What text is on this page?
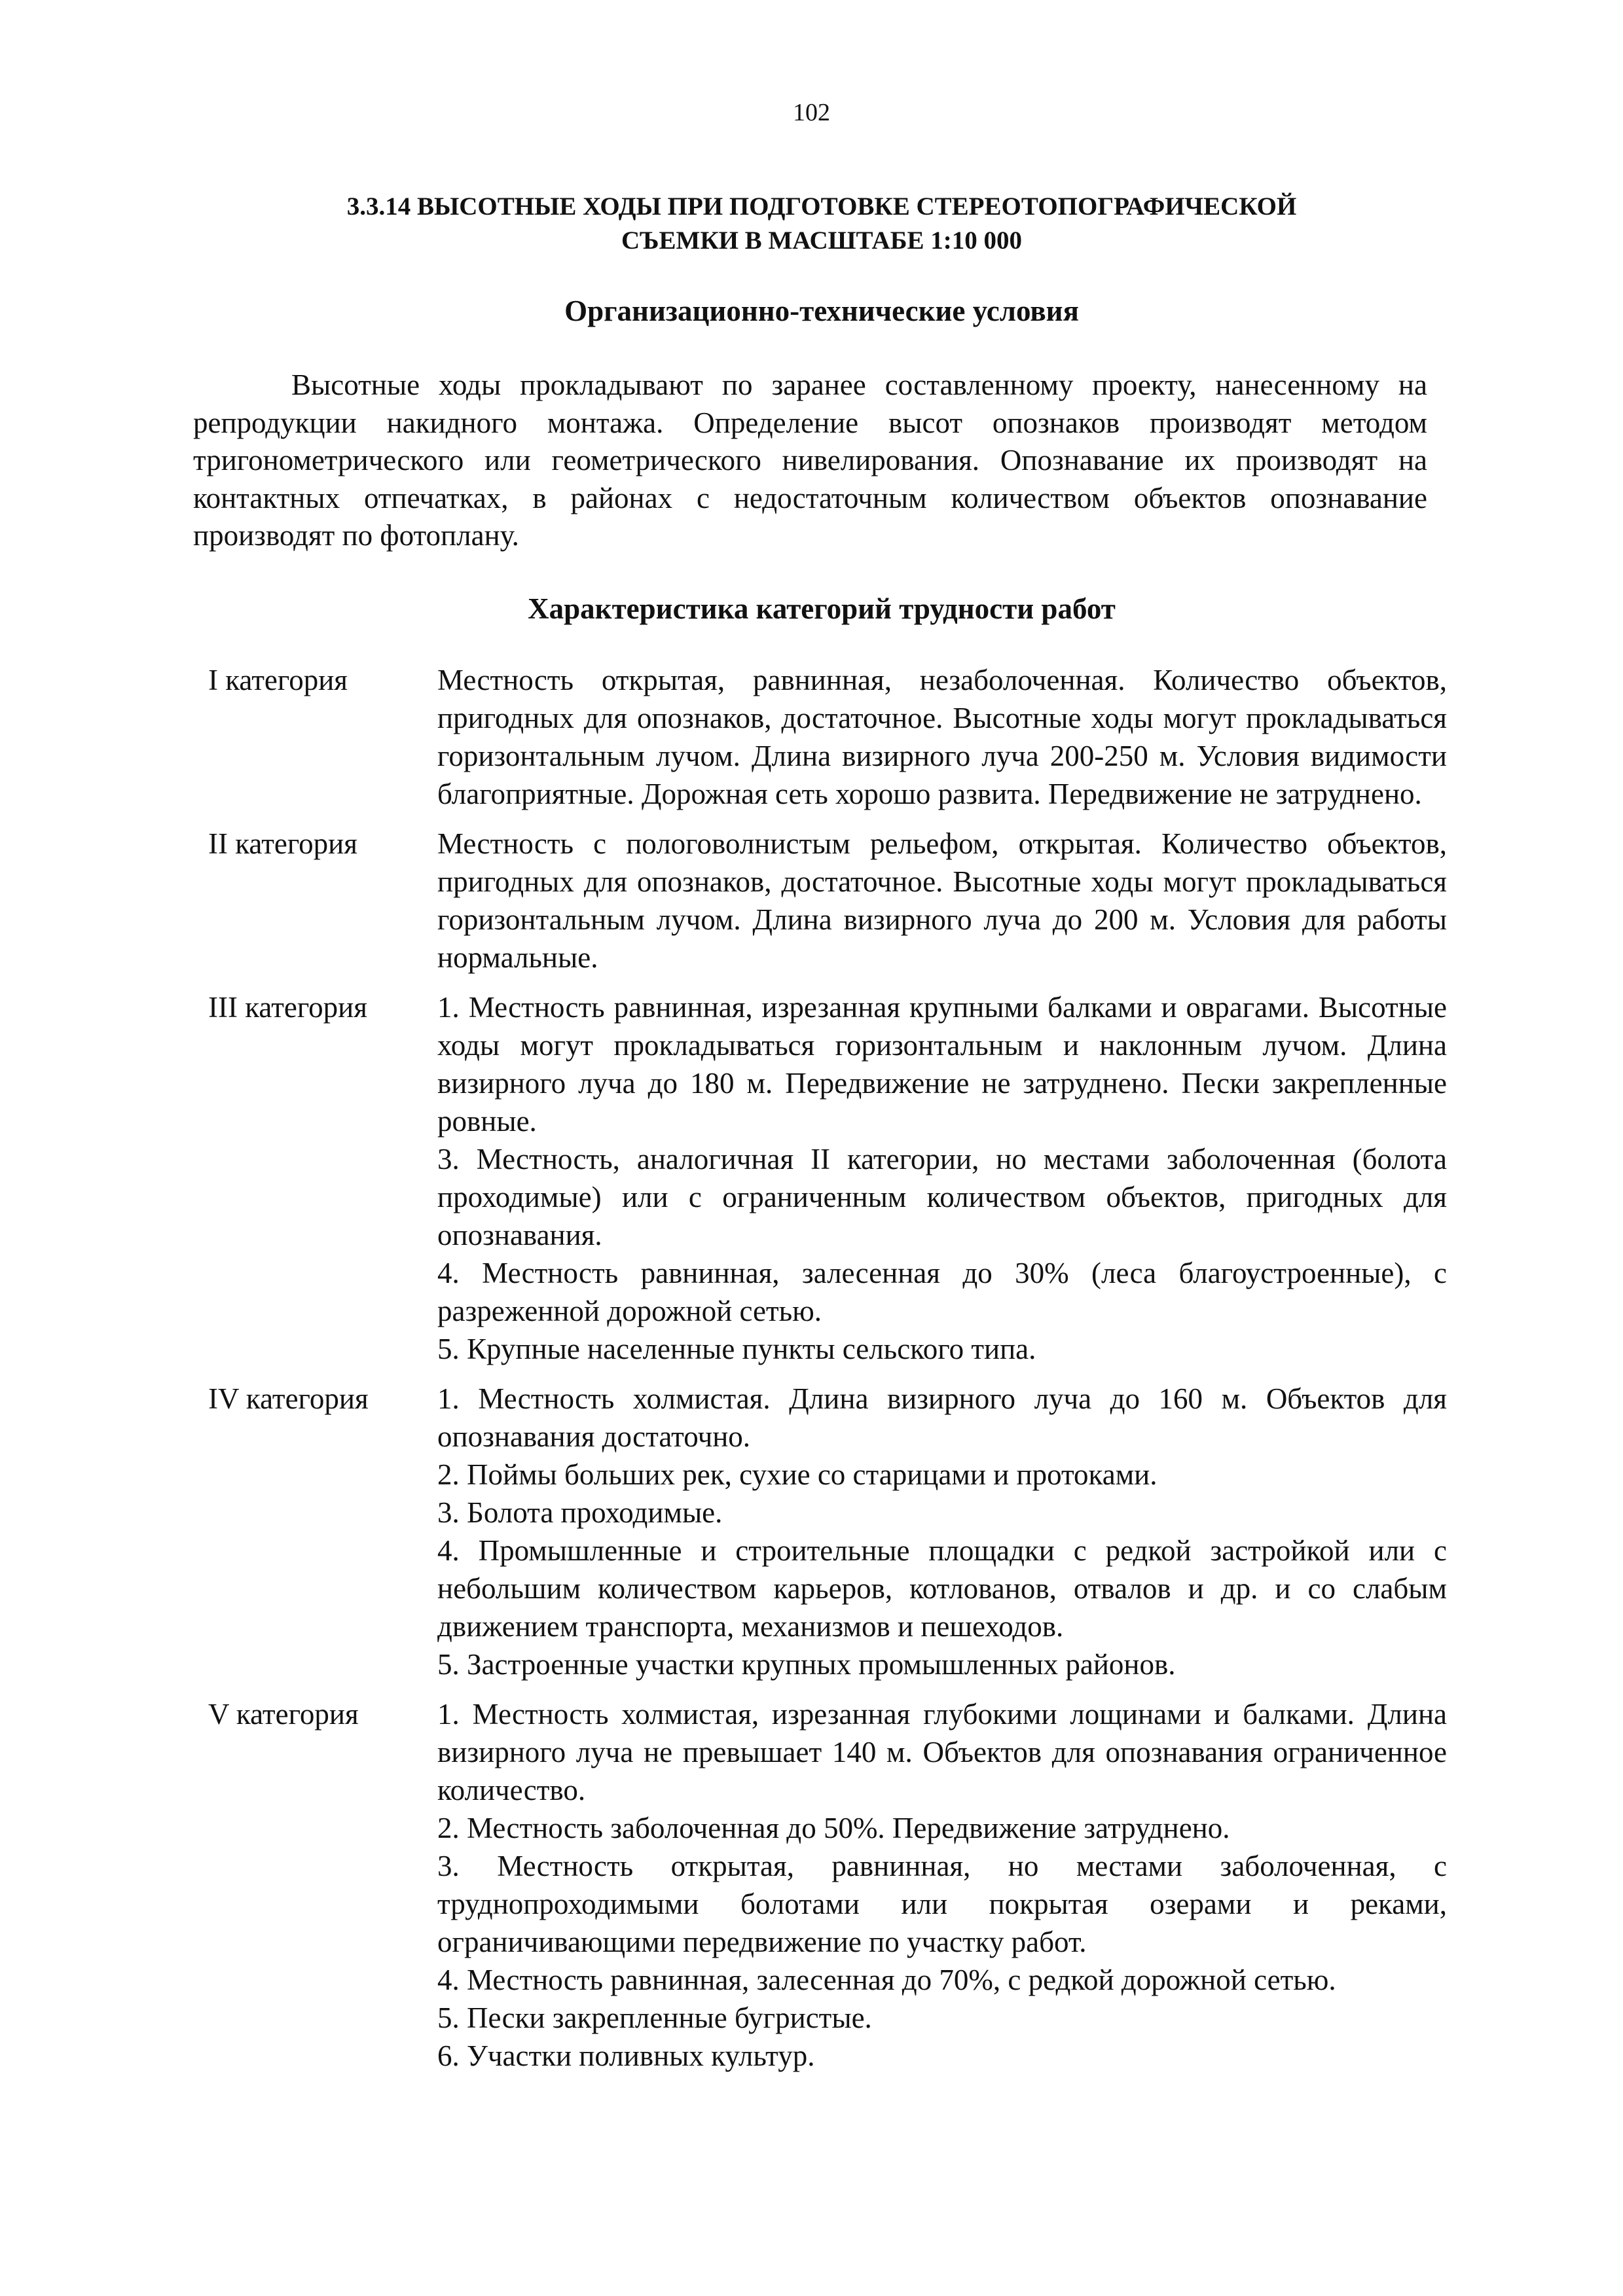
102
3.3.14 ВЫСОТНЫЕ ХОДЫ ПРИ ПОДГОТОВКЕ СТЕРЕОТОПОГРАФИЧЕСКОЙ
СЪЕМКИ В МАСШТАБЕ 1:10 000
Организационно-технические условия

Высотные ходы прокладывают по заранее составленному проекту, нанесенному на репродукции накидного монтажа. Определение высот опознаков производят методом тригонометрического или геометрического нивелирования. Опознавание их производят на контактных отпечатках, в районах с недостаточным количеством объектов опознавание производят по фотоплану.

Характеристика категорий трудности работ
I категория	Местность открытая, равнинная, незаболоченная. Количество объектов, пригодных для опознаков, достаточное. Высотные ходы могут прокладываться горизонтальным лучом. Длина визирного луча 200-250 м. Условия видимости благоприятные. Дорожная сеть хорошо развита. Передвижение не затруднено.

II категория	Местность с пологоволнистым рельефом, открытая. Количество объектов, пригодных для опознаков, достаточное. Высотные ходы могут прокладываться горизонтальным лучом. Длина визирного луча до 200 м. Условия для работы нормальные.

III категория	1. Местность равнинная, изрезанная крупными балками и оврагами. Высотные ходы могут прокладываться горизонтальным и наклонным лучом. Длина визирного луча до 180 м. Передвижение не затруднено. Пески закрепленные ровные.

3. Местность, аналогичная II категории, но местами заболоченная (болота проходимые) или с ограниченным количеством объектов, пригодных для опознавания.

4. Местность равнинная, залесенная до 30% (леса благоустроенные), с разреженной дорожной сетью.

5. Крупные населенные пункты сельского типа.

IV категория	1. Местность холмистая. Длина визирного луча до 160 м. Объектов для опознавания достаточно.

2. Поймы больших рек, сухие со старицами и протоками.

3. Болота проходимые.

4. Промышленные и строительные площадки с редкой застройкой или с небольшим количеством карьеров, котлованов, отвалов и др. и со слабым движением транспорта, механизмов и пешеходов.

5. Застроенные участки крупных промышленных районов.

V категория	1. Местность холмистая, изрезанная глубокими лощинами и балками. Длина визирного луча не превышает 140 м. Объектов для опознавания ограниченное количество.

2. Местность заболоченная до 50%. Передвижение затруднено.

3. Местность открытая, равнинная, но местами заболоченная, с труднопроходимыми болотами или покрытая озерами и реками, ограничивающими передвижение по участку работ.

4. Местность равнинная, залесенная до 70%, с редкой дорожной сетью.

5. Пески закрепленные бугристые.

6. Участки поливных культур.
